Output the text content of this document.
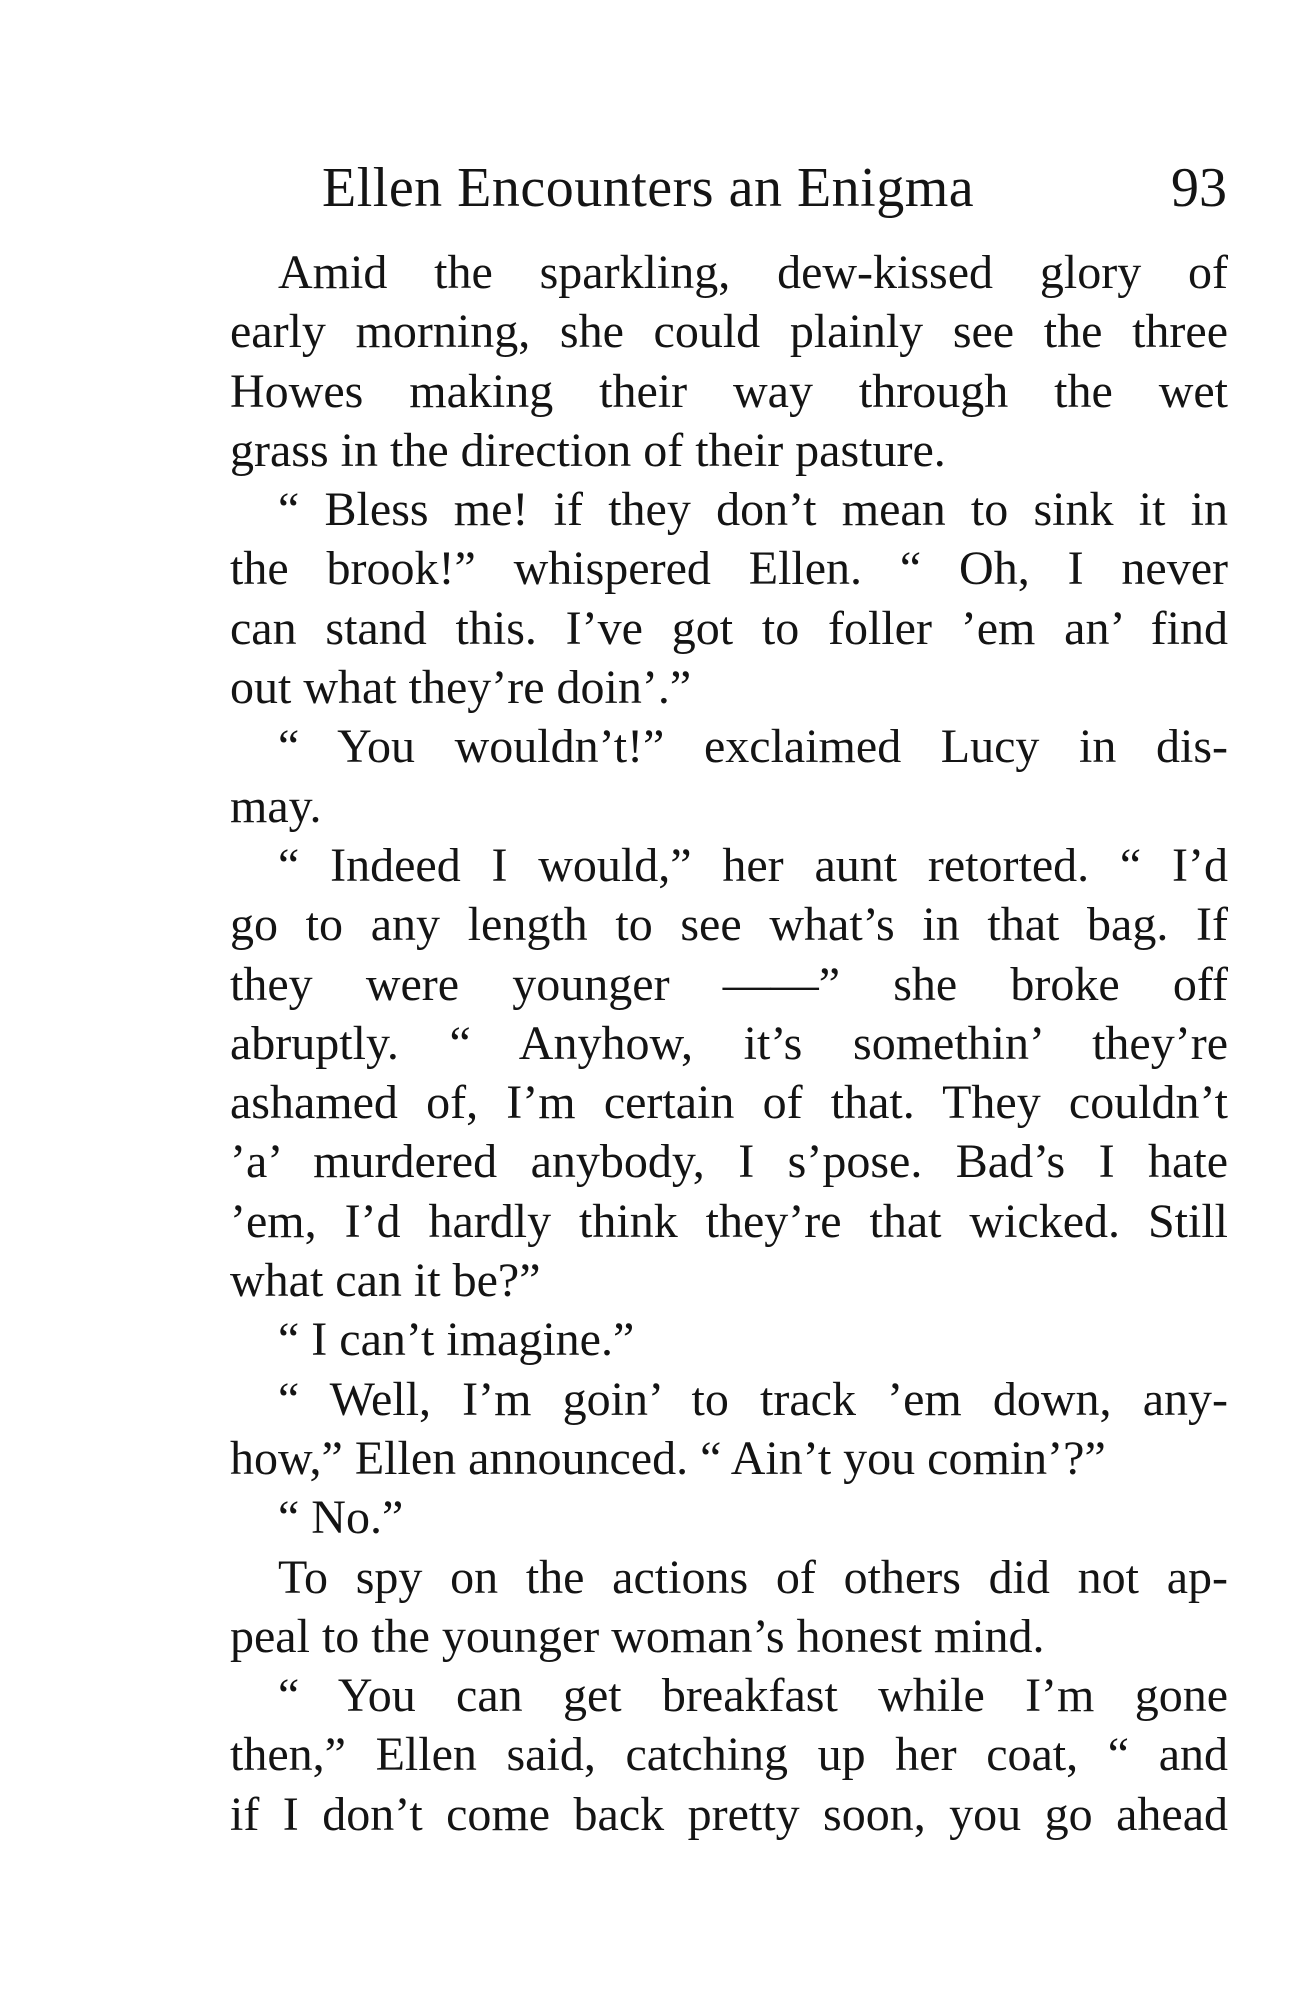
Ellen Encounters an Enigma	93
Amid the sparkling, dew-kissed glory of
early morning, she could plainly see the three
Howes making their way through the wet
grass in the direction of their pasture.
“ Bless me! if they don’t mean to sink it in
the brook!” whispered Ellen. “ Oh, I never
can stand this. I’ve got to foller ’em an’ find
out what they’re doin’.”
“ You wouldn’t!” exclaimed Lucy in dis-
may.
“ Indeed I would,” her aunt retorted. “ I’d
go to any length to see what’s in that bag. If
they were younger ——” she broke off
abruptly. “ Anyhow, it’s somethin’ they’re
ashamed of, I’m certain of that. They couldn’t
’a’ murdered anybody, I s’pose. Bad’s I hate
’em, I’d hardly think they’re that wicked. Still
what can it be?”
“ I can’t imagine.”
“ Well, I’m goin’ to track ’em down, any-
how,” Ellen announced. “ Ain’t you comin’?”
“ No.”
To spy on the actions of others did not ap-
peal to the younger woman’s honest mind.
“ You can get breakfast while I’m gone
then,” Ellen said, catching up her coat, “ and
if I don’t come back pretty soon, you go ahead
